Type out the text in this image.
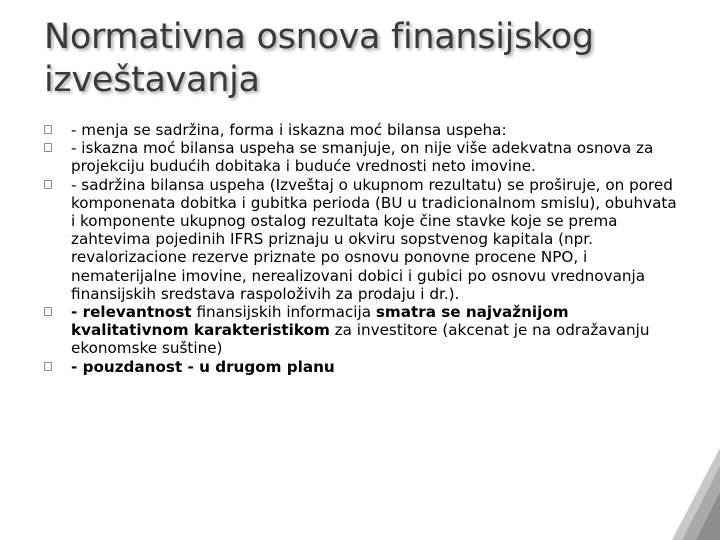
Normativna osnova finansijskog
izveštavanja
- menja se sadržina, forma i iskazna moć bilansa uspeha:
- iskazna moć bilansa uspeha se smanjuje, on nije više adekvatna osnova za projekciju budućih dobitaka i buduće vrednosti neto imovine.
- sadržina bilansa uspeha (Izveštaj o ukupnom rezultatu) se proširuje, on pored komponenata dobitka i gubitka perioda (BU u tradicionalnom smislu), obuhvata i komponente ukupnog ostalog rezultata koje čine stavke koje se prema zahtevima pojedinih IFRS priznaju u okviru sopstvenog kapitala (npr. revalorizacione rezerve priznate po osnovu ponovne procene NPO, i nematerijalne imovine, nerealizovani dobici i gubici po osnovu vrednovanja finansijskih sredstava raspoloživih za prodaju i dr.).
- relevantnost finansijskih informacija smatra se najvažnijom kvalitativnom karakteristikom za investitore (akcenat je na odražavanju ekonomske suštine)
- pouzdanost - u drugom planu
